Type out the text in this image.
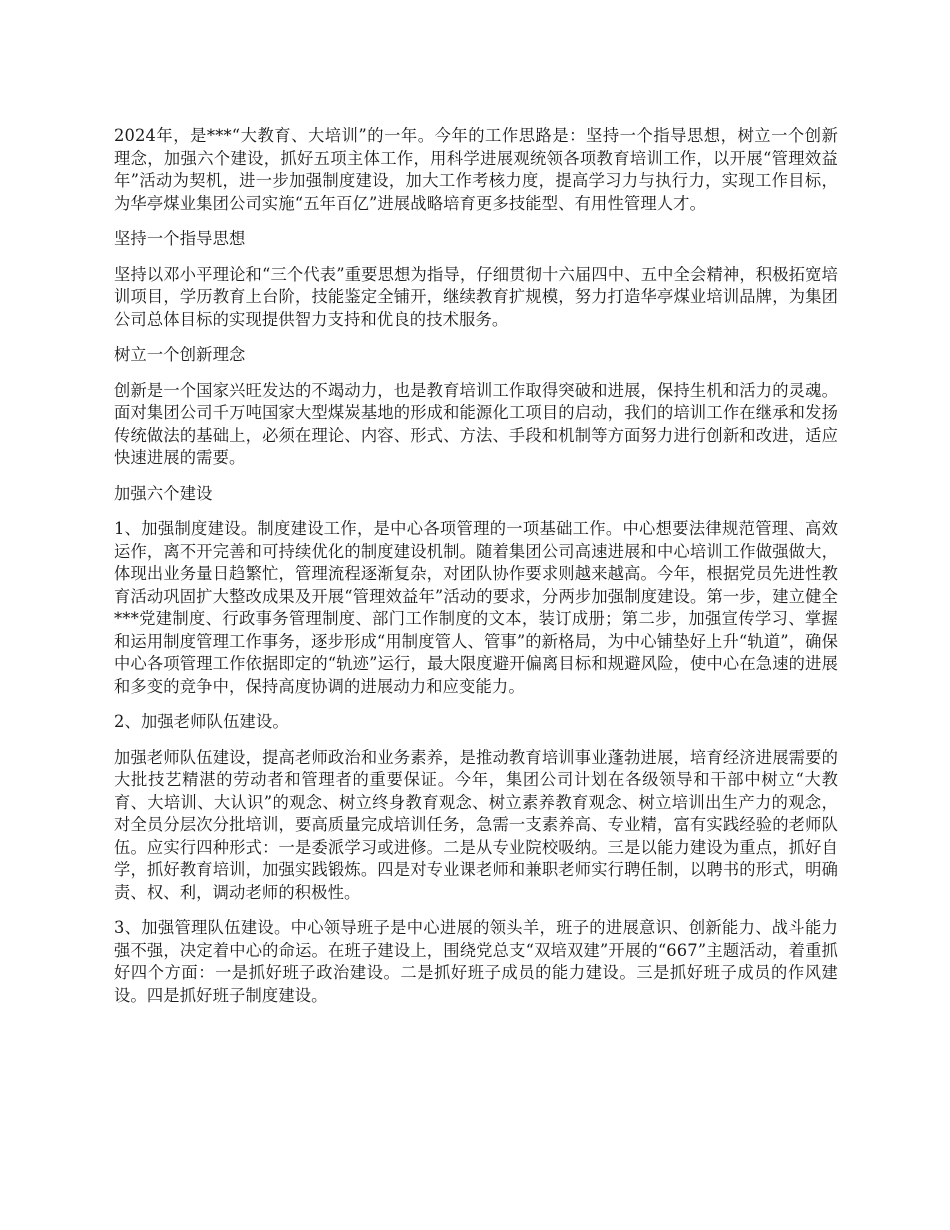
2024年，是***“大教育、大培训”的一年。今年的工作思路是：坚持一个指导思想，树立一个创新理念，加强六个建设，抓好五项主体工作，用科学进展观统领各项教育培训工作，以开展“管理效益年”活动为契机，进一步加强制度建设，加大工作考核力度，提高学习力与执行力，实现工作目标，为华亭煤业集团公司实施“五年百亿”进展战略培育更多技能型、有用性管理人才。

坚持一个指导思想

坚持以邓小平理论和“三个代表”重要思想为指导，仔细贯彻十六届四中、五中全会精神，积极拓宽培训项目，学历教育上台阶，技能鉴定全铺开，继续教育扩规模，努力打造华亭煤业培训品牌，为集团公司总体目标的实现提供智力支持和优良的技术服务。

树立一个创新理念

创新是一个国家兴旺发达的不竭动力，也是教育培训工作取得突破和进展，保持生机和活力的灵魂。面对集团公司千万吨国家大型煤炭基地的形成和能源化工项目的启动，我们的培训工作在继承和发扬传统做法的基础上，必须在理论、内容、形式、方法、手段和机制等方面努力进行创新和改进，适应快速进展的需要。

加强六个建设

1、加强制度建设。制度建设工作，是中心各项管理的一项基础工作。中心想要法律规范管理、高效运作，离不开完善和可持续优化的制度建设机制。随着集团公司高速进展和中心培训工作做强做大，体现出业务量日趋繁忙，管理流程逐渐复杂，对团队协作要求则越来越高。今年，根据党员先进性教育活动巩固扩大整改成果及开展“管理效益年”活动的要求，分两步加强制度建设。第一步，建立健全***党建制度、行政事务管理制度、部门工作制度的文本，装订成册；第二步，加强宣传学习、掌握和运用制度管理工作事务，逐步形成“用制度管人、管事”的新格局，为中心铺垫好上升“轨道”，确保中心各项管理工作依据即定的“轨迹”运行，最大限度避开偏离目标和规避风险，使中心在急速的进展和多变的竞争中，保持高度协调的进展动力和应变能力。

2、加强老师队伍建设。

加强老师队伍建设，提高老师政治和业务素养，是推动教育培训事业蓬勃进展，培育经济进展需要的大批技艺精湛的劳动者和管理者的重要保证。今年，集团公司计划在各级领导和干部中树立“大教育、大培训、大认识”的观念、树立终身教育观念、树立素养教育观念、树立培训出生产力的观念，对全员分层次分批培训，要高质量完成培训任务，急需一支素养高、专业精，富有实践经验的老师队伍。应实行四种形式：一是委派学习或进修。二是从专业院校吸纳。三是以能力建设为重点，抓好自学，抓好教育培训，加强实践锻炼。四是对专业课老师和兼职老师实行聘任制，以聘书的形式，明确责、权、利，调动老师的积极性。

3、加强管理队伍建设。中心领导班子是中心进展的领头羊，班子的进展意识、创新能力、战斗能力强不强，决定着中心的命运。在班子建设上，围绕党总支“双培双建”开展的“667”主题活动，着重抓好四个方面：一是抓好班子政治建设。二是抓好班子成员的能力建设。三是抓好班子成员的作风建设。四是抓好班子制度建设。
